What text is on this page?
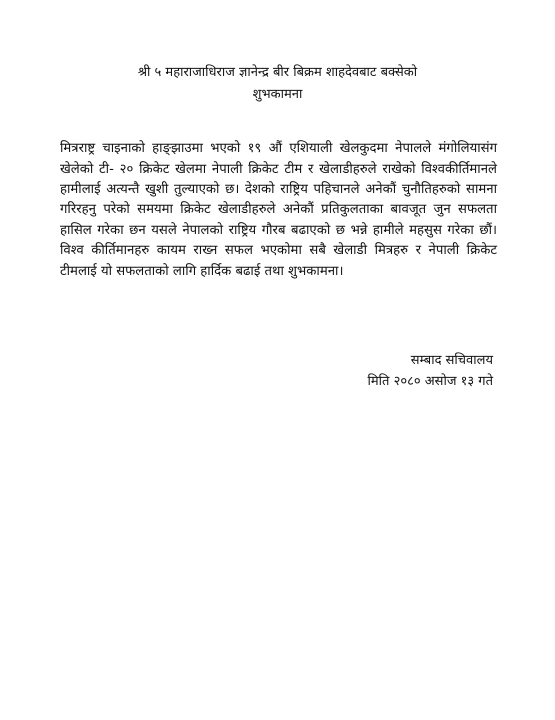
श्री ५ महाराजाधिराज ज्ञानेन्द्र बीर बिक्रम शाहदेवबाट बक्सेको
शुभकामना

मित्रराष्ट्र चाइनाको हाङ्झाउमा भएको १९ औं एशियाली खेलकुदमा नेपालले मंगोलियासंग खेलेको टी- २० क्रिकेट खेलमा नेपाली क्रिकेट टीम र खेलाडीहरुले राखेको विश्वकीर्तिमानले हामीलाई अत्यन्तै खुशी तुल्याएको छ। देशको राष्ट्रिय पहिचानले अनेकौं चुनौतिहरुको सामना गरिरहनु परेको समयमा क्रिकेट खेलाडीहरुले अनेकौं प्रतिकुलताका बावजूत जुन सफलता हासिल गरेका छन यसले नेपालको राष्ट्रिय गौरब बढाएको छ भन्ने हामीले महसुस गरेका छौं। विश्व कीर्तिमानहरु कायम राख्न सफल भएकोमा सबै खेलाडी मित्रहरु र नेपाली क्रिकेट टीमलाई यो सफलताको लागि हार्दिक बढाई तथा शुभकामना।

सम्बाद सचिवालय
मिति २०८० असोज १३ गते
